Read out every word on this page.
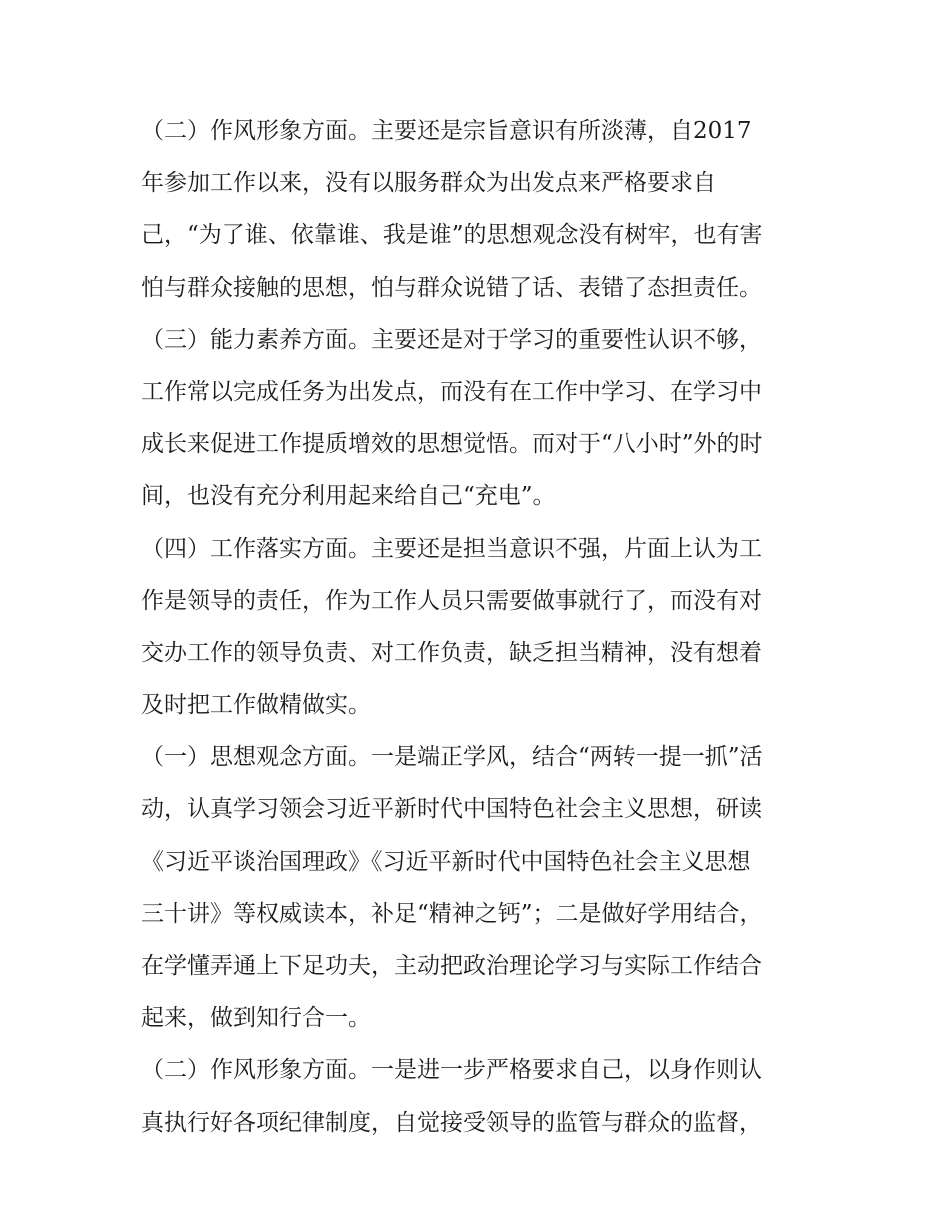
（二）作风形象方面。主要还是宗旨意识有所淡薄，自2017
年参加工作以来，没有以服务群众为出发点来严格要求自
己，“为了谁、依靠谁、我是谁”的思想观念没有树牢，也有害
怕与群众接触的思想，怕与群众说错了话、表错了态担责任。
（三）能力素养方面。主要还是对于学习的重要性认识不够，
工作常以完成任务为出发点，而没有在工作中学习、在学习中
成长来促进工作提质增效的思想觉悟。而对于“八小时”外的时
间，也没有充分利用起来给自己“充电”。
（四）工作落实方面。主要还是担当意识不强，片面上认为工
作是领导的责任，作为工作人员只需要做事就行了，而没有对
交办工作的领导负责、对工作负责，缺乏担当精神，没有想着
及时把工作做精做实。
（一）思想观念方面。一是端正学风，结合“两转一提一抓”活
动，认真学习领会习近平新时代中国特色社会主义思想，研读
《习近平谈治国理政》《习近平新时代中国特色社会主义思想
三十讲》等权威读本，补足“精神之钙”；二是做好学用结合，
在学懂弄通上下足功夫，主动把政治理论学习与实际工作结合
起来，做到知行合一。
（二）作风形象方面。一是进一步严格要求自己，以身作则认
真执行好各项纪律制度，自觉接受领导的监管与群众的监督，
